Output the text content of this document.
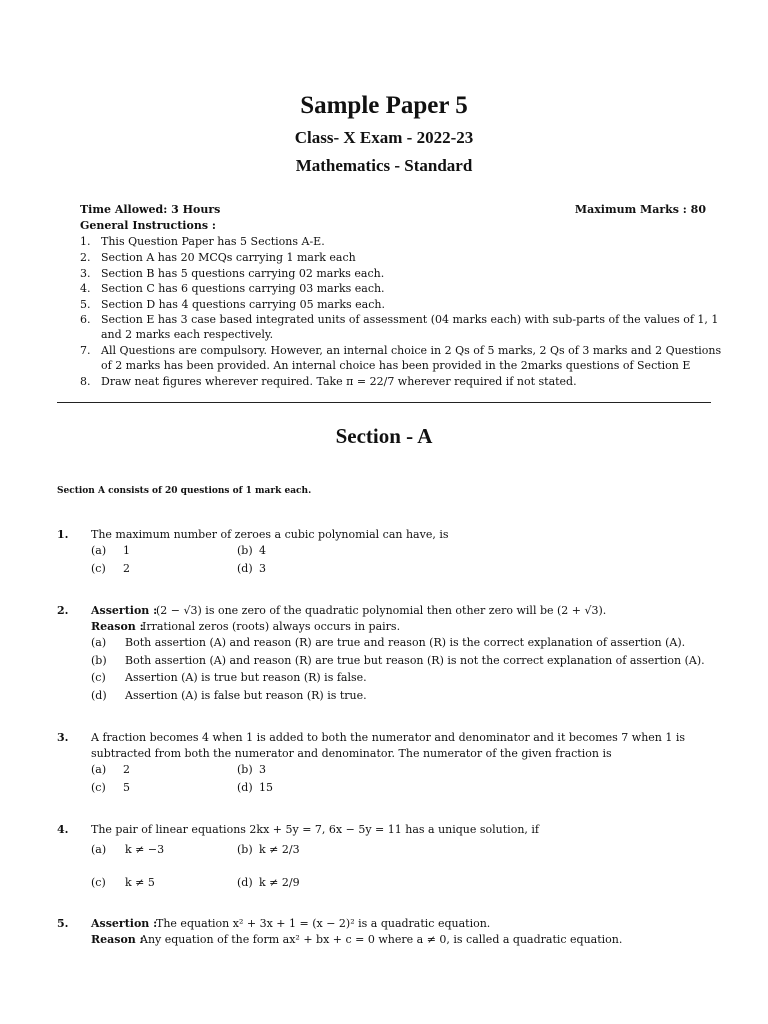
Sample Paper 5
Class- X Exam - 2022-23
Mathematics - Standard
Time Allowed: 3 Hours	Maximum Marks : 80
General Instructions :
1. This Question Paper has 5 Sections A-E.
2. Section A has 20 MCQs carrying 1 mark each
3. Section B has 5 questions carrying 02 marks each.
4. Section C has 6 questions carrying 03 marks each.
5. Section D has 4 questions carrying 05 marks each.
6. Section E has 3 case based integrated units of assessment (04 marks each) with sub-parts of the values of 1, 1
and 2 marks each respectively.
7. All Questions are compulsory. However, an internal choice in 2 Qs of 5 marks, 2 Qs of 3 marks and 2 Questions
of 2 marks has been provided. An internal choice has been provided in the 2marks questions of Section E
8. Draw neat figures wherever required. Take π = 22/7 wherever required if not stated.
Section - A
Section A consists of 20 questions of 1 mark each.
1. The maximum number of zeroes a cubic polynomial can have, is
(a) 1	(b) 4
(c) 2	(d) 3
2. Assertion :
(2 − √3) is one zero of the quadratic polynomial then other zero will be (2 + √3).
Reason :
Irrational zeros (roots) always occurs in pairs.
(a) Both assertion (A) and reason (R) are true and reason (R) is the correct explanation of assertion (A).
(b) Both assertion (A) and reason (R) are true but reason (R) is not the correct explanation of assertion (A).
(c) Assertion (A) is true but reason (R) is false.
(d) Assertion (A) is false but reason (R) is true.
3. A fraction becomes 4 when 1 is added to both the numerator and denominator and it becomes 7 when 1 is
subtracted from both the numerator and denominator. The numerator of the given fraction is
(a) 2	(b) 3
(c) 5	(d) 15
4. The pair of linear equations 2kx + 5y = 7, 6x − 5y = 11 has a unique solution, if
(a) k ≠ −3	(b) k ≠ 2/3
(c) k ≠ 5	(d) k ≠ 2/9
5. Assertion :
The equation x² + 3x + 1 = (x − 2)² is a quadratic equation.
Reason :
Any equation of the form ax² + bx + c = 0 where a ≠ 0, is called a quadratic equation.
